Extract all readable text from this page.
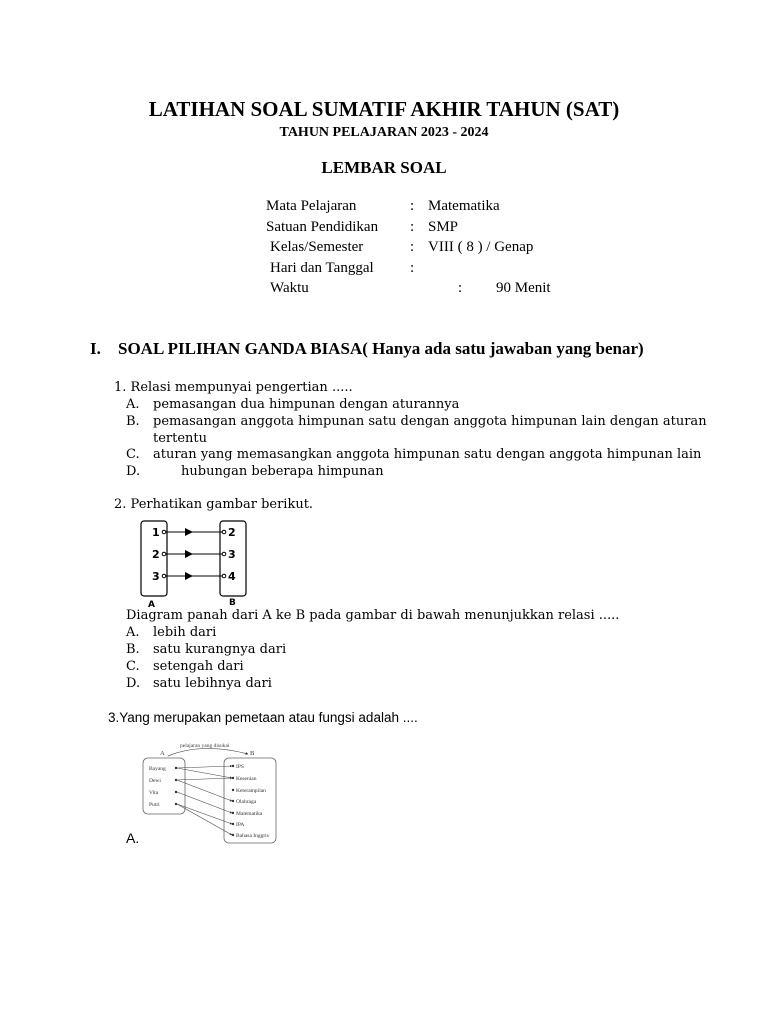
LATIHAN SOAL SUMATIF AKHIR TAHUN (SAT)
TAHUN PELAJARAN 2023 - 2024
LEMBAR SOAL
Mata Pelajaran	: Matematika
Satuan Pendidikan : SMP
Kelas/Semester	: VIII ( 8 ) / Genap
Hari dan Tanggal :
Waktu	: 90 Menit
I. SOAL PILIHAN GANDA BIASA( Hanya ada satu jawaban yang benar)
1. Relasi mempunyai pengertian .....
A. pemasangan dua himpunan dengan aturannya
B. pemasangan anggota himpunan satu dengan anggota himpunan lain dengan aturan
tertentu
C. aturan yang memasangkan anggota himpunan satu dengan anggota himpunan lain
D.	hubungan beberapa himpunan
2. Perhatikan gambar berikut.
1
2
3
2
3
4
A	B
Diagram panah dari A ke B pada gambar di bawah menunjukkan relasi .....
A. lebih dari
B. satu kurangnya dari
C. setengah dari
D. satu lebihnya dari
3.Yang merupakan pemetaan atau fungsi adalah ....
pelajaran yang disukai
A	B
Bayang
Dewi
Vita
Putri
IPS
Kesenian
Keterampilan
Olahraga
Matematika
IPA
Bahasa Inggris
A.
